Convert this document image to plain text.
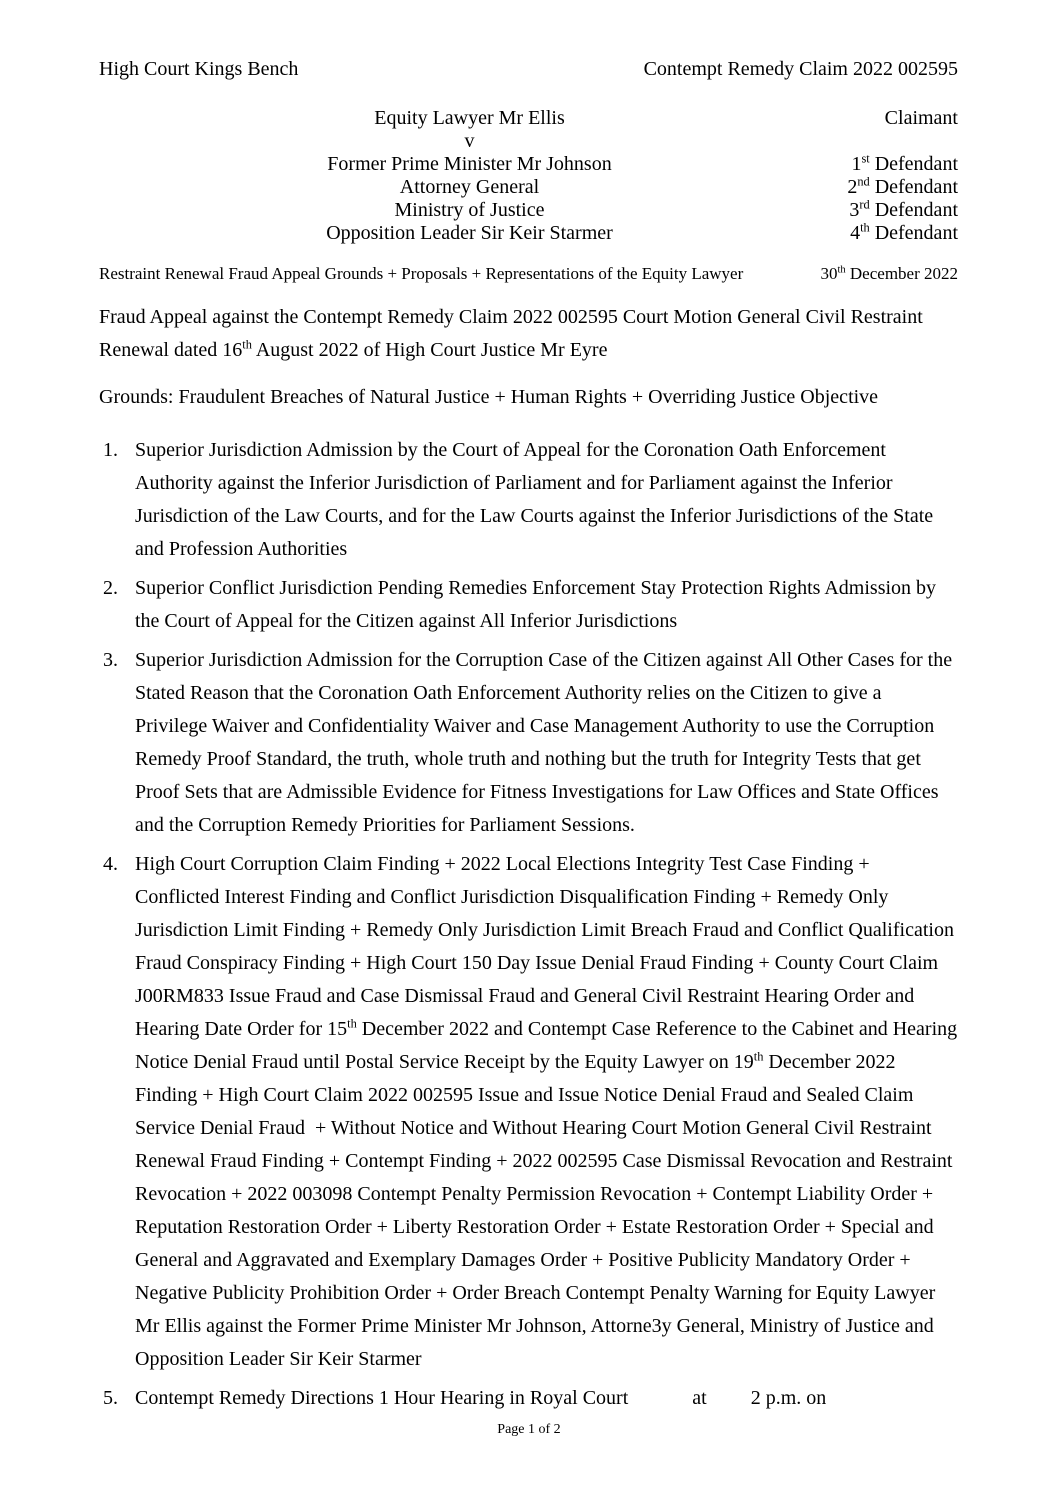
High Court Kings Bench	Contempt Remedy Claim 2022 002595
Equity Lawyer Mr Ellis	Claimant
v
Former Prime Minister Mr Johnson	1st Defendant
Attorney General	2nd Defendant
Ministry of Justice	3rd Defendant
Opposition Leader Sir Keir Starmer	4th Defendant
Restraint Renewal Fraud Appeal Grounds + Proposals + Representations of the Equity Lawyer	30th December 2022

Fraud Appeal against the Contempt Remedy Claim 2022 002595 Court Motion General Civil Restraint Renewal dated 16th August 2022 of High Court Justice Mr Eyre

Grounds: Fraudulent Breaches of Natural Justice + Human Rights + Overriding Justice Objective

1. Superior Jurisdiction Admission by the Court of Appeal for the Coronation Oath Enforcement Authority against the Inferior Jurisdiction of Parliament and for Parliament against the Inferior Jurisdiction of the Law Courts, and for the Law Courts against the Inferior Jurisdictions of the State and Profession Authorities
2. Superior Conflict Jurisdiction Pending Remedies Enforcement Stay Protection Rights Admission by the Court of Appeal for the Citizen against All Inferior Jurisdictions
3. Superior Jurisdiction Admission for the Corruption Case of the Citizen against All Other Cases for the Stated Reason that the Coronation Oath Enforcement Authority relies on the Citizen to give a Privilege Waiver and Confidentiality Waiver and Case Management Authority to use the Corruption Remedy Proof Standard, the truth, whole truth and nothing but the truth for Integrity Tests that get Proof Sets that are Admissible Evidence for Fitness Investigations for Law Offices and State Offices and the Corruption Remedy Priorities for Parliament Sessions.
4. High Court Corruption Claim Finding + 2022 Local Elections Integrity Test Case Finding + Conflicted Interest Finding and Conflict Jurisdiction Disqualification Finding + Remedy Only Jurisdiction Limit Finding + Remedy Only Jurisdiction Limit Breach Fraud and Conflict Qualification Fraud Conspiracy Finding + High Court 150 Day Issue Denial Fraud Finding + County Court Claim J00RM833 Issue Fraud and Case Dismissal Fraud and General Civil Restraint Hearing Order and Hearing Date Order for 15th December 2022 and Contempt Case Reference to the Cabinet and Hearing Notice Denial Fraud until Postal Service Receipt by the Equity Lawyer on 19th December 2022 Finding + High Court Claim 2022 002595 Issue and Issue Notice Denial Fraud and Sealed Claim Service Denial Fraud  + Without Notice and Without Hearing Court Motion General Civil Restraint Renewal Fraud Finding + Contempt Finding + 2022 002595 Case Dismissal Revocation and Restraint Revocation + 2022 003098 Contempt Penalty Permission Revocation + Contempt Liability Order + Reputation Restoration Order + Liberty Restoration Order + Estate Restoration Order + Special and General and Aggravated and Exemplary Damages Order + Positive Publicity Mandatory Order + Negative Publicity Prohibition Order + Order Breach Contempt Penalty Warning for Equity Lawyer Mr Ellis against the Former Prime Minister Mr Johnson, Attorne3y General, Ministry of Justice and Opposition Leader Sir Keir Starmer
5. Contempt Remedy Directions 1 Hour Hearing in Royal Court	at 2 p.m. on
Page 1 of 2
